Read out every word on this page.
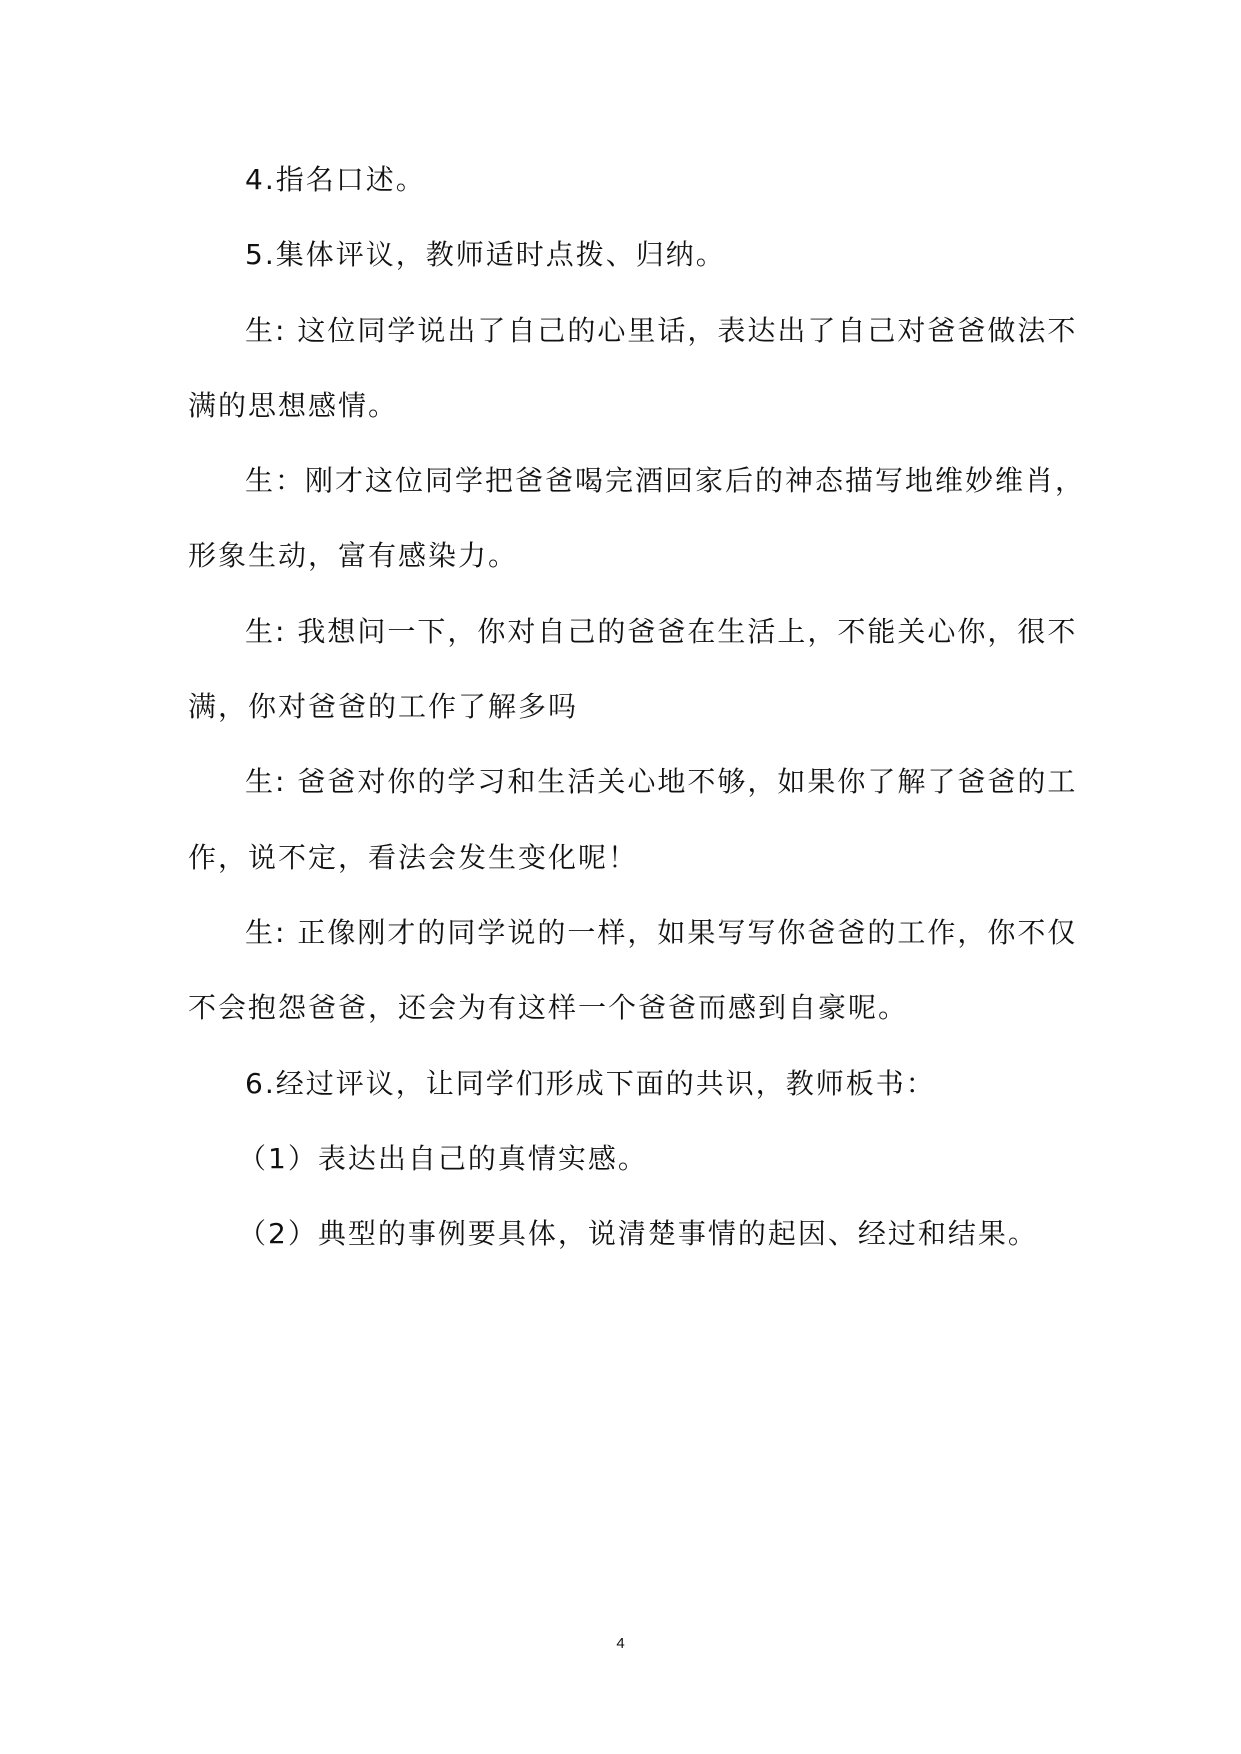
4.指名口述。
5.集体评议，教师适时点拨、归纳。
生: 这位同学说出了自己的心里话，表达出了自己对爸爸做法不
满的思想感情。
生：刚才这位同学把爸爸喝完酒回家后的神态描写地维妙维肖，
形象生动，富有感染力。
生: 我想问一下，你对自己的爸爸在生活上，不能关心你，很不
满，你对爸爸的工作了解多吗
生: 爸爸对你的学习和生活关心地不够，如果你了解了爸爸的工
作，说不定，看法会发生变化呢！
生: 正像刚才的同学说的一样，如果写写你爸爸的工作，你不仅
不会抱怨爸爸，还会为有这样一个爸爸而感到自豪呢。
6.经过评议，让同学们形成下面的共识，教师板书：
（1）表达出自己的真情实感。
（2）典型的事例要具体，说清楚事情的起因、经过和结果。
4
